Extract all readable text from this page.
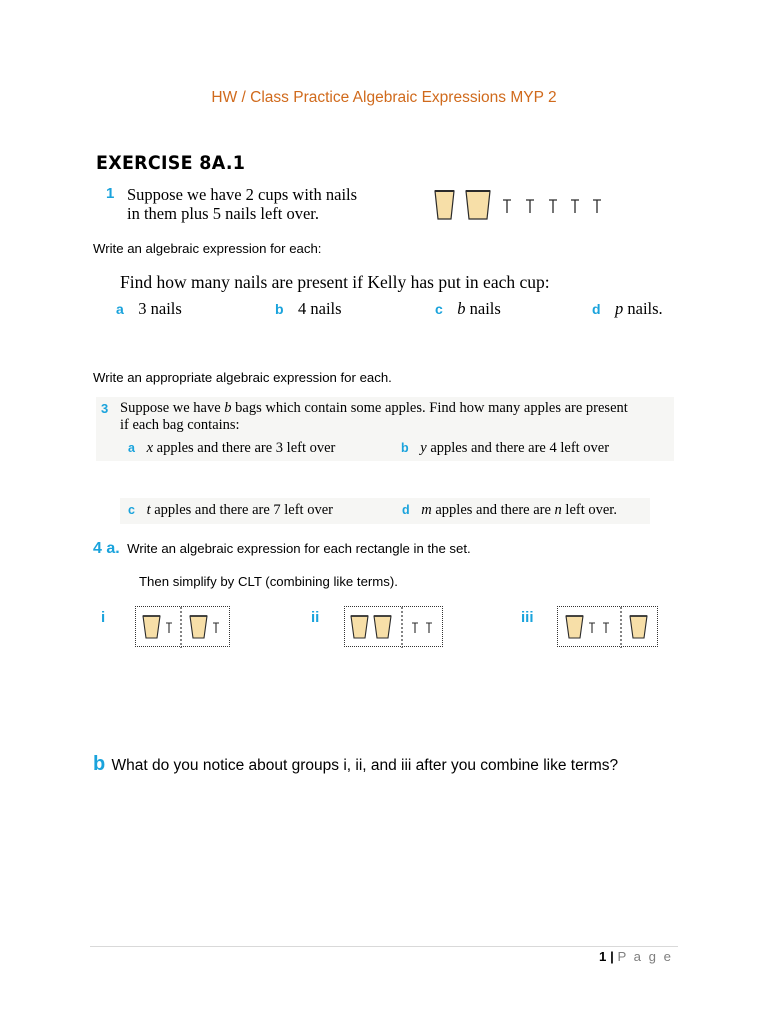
HW / Class Practice Algebraic Expressions MYP 2
EXERCISE 8A.1
1 Suppose we have 2 cups with nails
in them plus 5 nails left over.
Write an algebraic expression for each:
Find how many nails are present if Kelly has put in each cup:
a 3 nails	b 4 nails	c b nails	d p nails.
Write an appropriate algebraic expression for each.
3 Suppose we have b bags which contain some apples. Find how many apples are present
if each bag contains:
a x apples and there are 3 left over	b y apples and there are 4 left over
c t apples and there are 7 left over	d m apples and there are n left over.
4 a. Write an algebraic expression for each rectangle in the set.
Then simplify by CLT (combining like terms).
i	ii	iii
b What do you notice about groups i, ii, and iii after you combine like terms?
1 | P a g e
